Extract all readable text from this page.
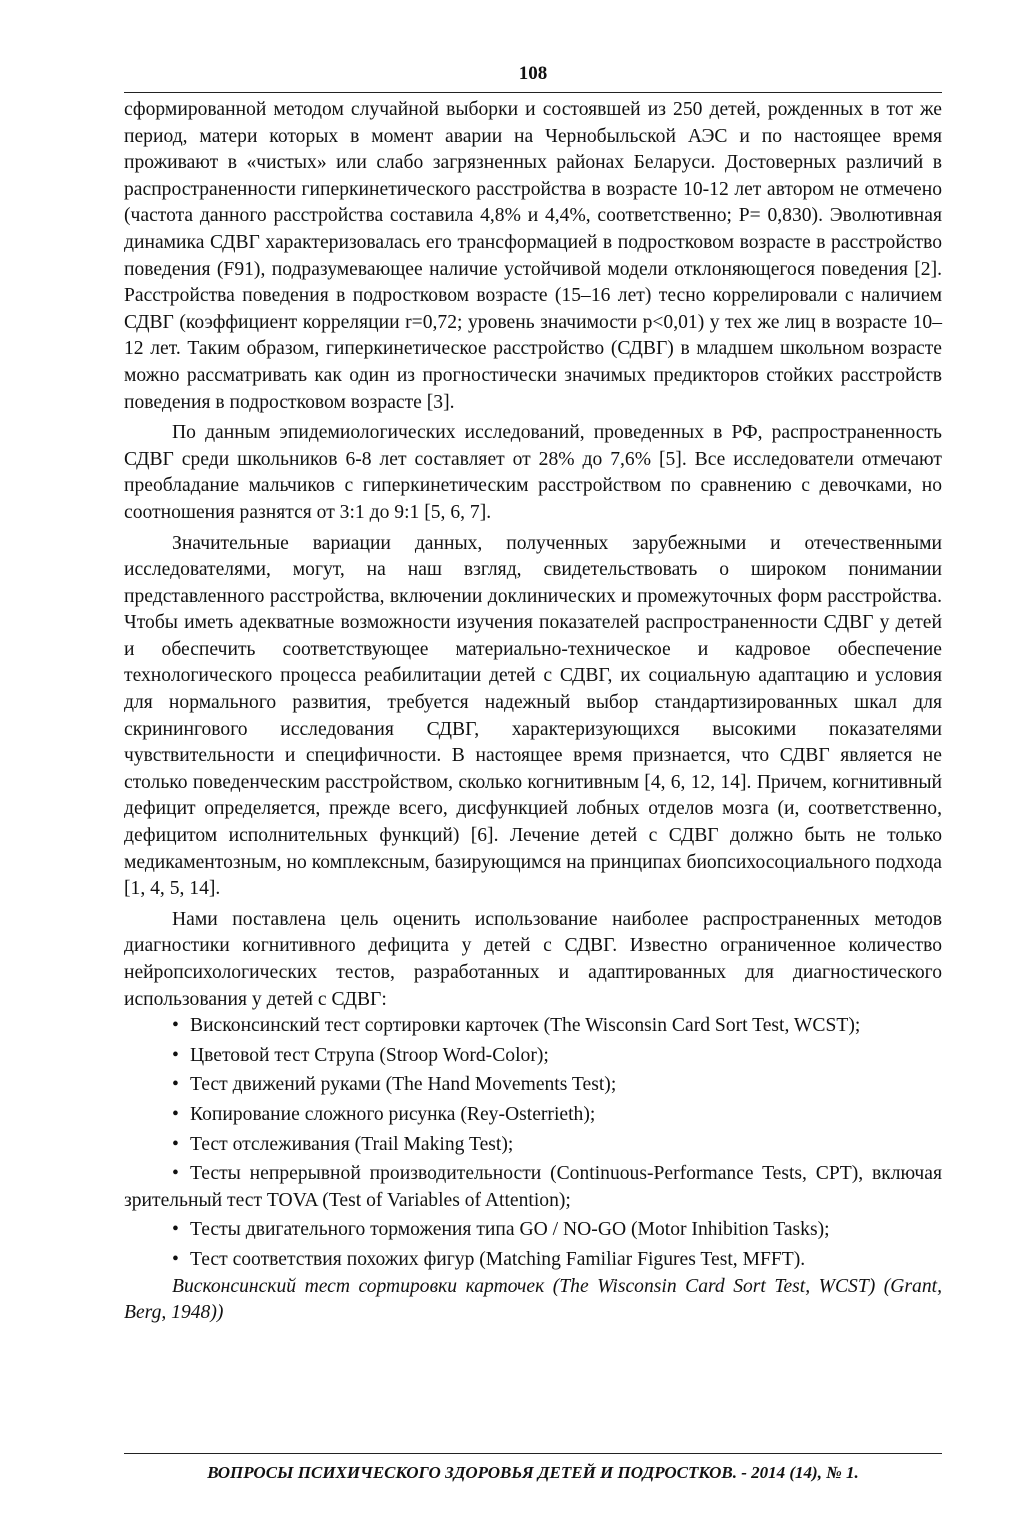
108

сформированной методом случайной выборки и состоявшей из 250 детей, рожденных в тот же период, матери которых в момент аварии на Чернобыльской АЭС и по настоящее время проживают в «чистых» или слабо загрязненных районах Беларуси. Достоверных различий в распространенности гиперкинетического расстройства в возрасте 10-12 лет автором не отмечено (частота данного расстройства составила 4,8% и 4,4%, соответственно; P= 0,830). Эволютивная динамика СДВГ характеризовалась его трансформацией в подростковом возрасте в расстройство поведения (F91), подразумевающее наличие устойчивой модели отклоняющегося поведения [2]. Расстройства поведения в подростковом возрасте (15–16 лет) тесно коррелировали с наличием СДВГ (коэффициент корреляции r=0,72; уровень значимости p<0,01) у тех же лиц в возрасте 10–12 лет. Таким образом, гиперкинетическое расстройство (СДВГ) в младшем школьном возрасте можно рассматривать как один из прогностически значимых предикторов стойких расстройств поведения в подростковом возрасте [3].

По данным эпидемиологических исследований, проведенных в РФ, распространенность СДВГ среди школьников 6-8 лет составляет от 28% до 7,6% [5]. Все исследователи отмечают преобладание мальчиков с гиперкинетическим расстройством по сравнению с девочками, но соотношения разнятся от 3:1 до 9:1 [5, 6, 7].

Значительные вариации данных, полученных зарубежными и отечественными исследователями, могут, на наш взгляд, свидетельствовать о широком понимании представленного расстройства, включении доклинических и промежуточных форм расстройства. Чтобы иметь адекватные возможности изучения показателей распространенности СДВГ у детей и обеспечить соответствующее материально-техническое и кадровое обеспечение технологического процесса реабилитации детей с СДВГ, их социальную адаптацию и условия для нормального развития, требуется надежный выбор стандартизированных шкал для скринингового исследования СДВГ, характеризующихся высокими показателями чувствительности и специфичности. В настоящее время признается, что СДВГ является не столько поведенческим расстройством, сколько когнитивным [4, 6, 12, 14]. Причем, когнитивный дефицит определяется, прежде всего, дисфункцией лобных отделов мозга (и, соответственно, дефицитом исполнительных функций) [6]. Лечение детей с СДВГ должно быть не только медикаментозным, но комплексным, базирующимся на принципах биопсихосоциального подхода [1, 4, 5, 14].

Нами поставлена цель оценить использование наиболее распространенных методов диагностики когнитивного дефицита у детей с СДВГ. Известно ограниченное количество нейропсихологических тестов, разработанных и адаптированных для диагностического использования у детей с СДВГ:

• Висконсинский тест сортировки карточек (The Wisconsin Card Sort Test, WCST);
• Цветовой тест Струпа (Stroop Word-Color);
• Тест движений руками (The Hand Movements Test);
• Копирование сложного рисунка (Rey-Osterrieth);
• Тест отслеживания (Trail Making Test);
• Тесты непрерывной производительности (Continuous-Performance Tests, CPT), включая зрительный тест TOVA (Test of Variables of Attention);
• Тесты двигательного торможения типа GO / NO-GO (Motor Inhibition Tasks);
• Тест соответствия похожих фигур (Matching Familiar Figures Test, MFFT).

Висконсинский тест сортировки карточек (The Wisconsin Card Sort Test, WCST) (Grant, Berg, 1948))

ВОПРОСЫ ПСИХИЧЕСКОГО ЗДОРОВЬЯ ДЕТЕЙ И ПОДРОСТКОВ. - 2014 (14), № 1.
